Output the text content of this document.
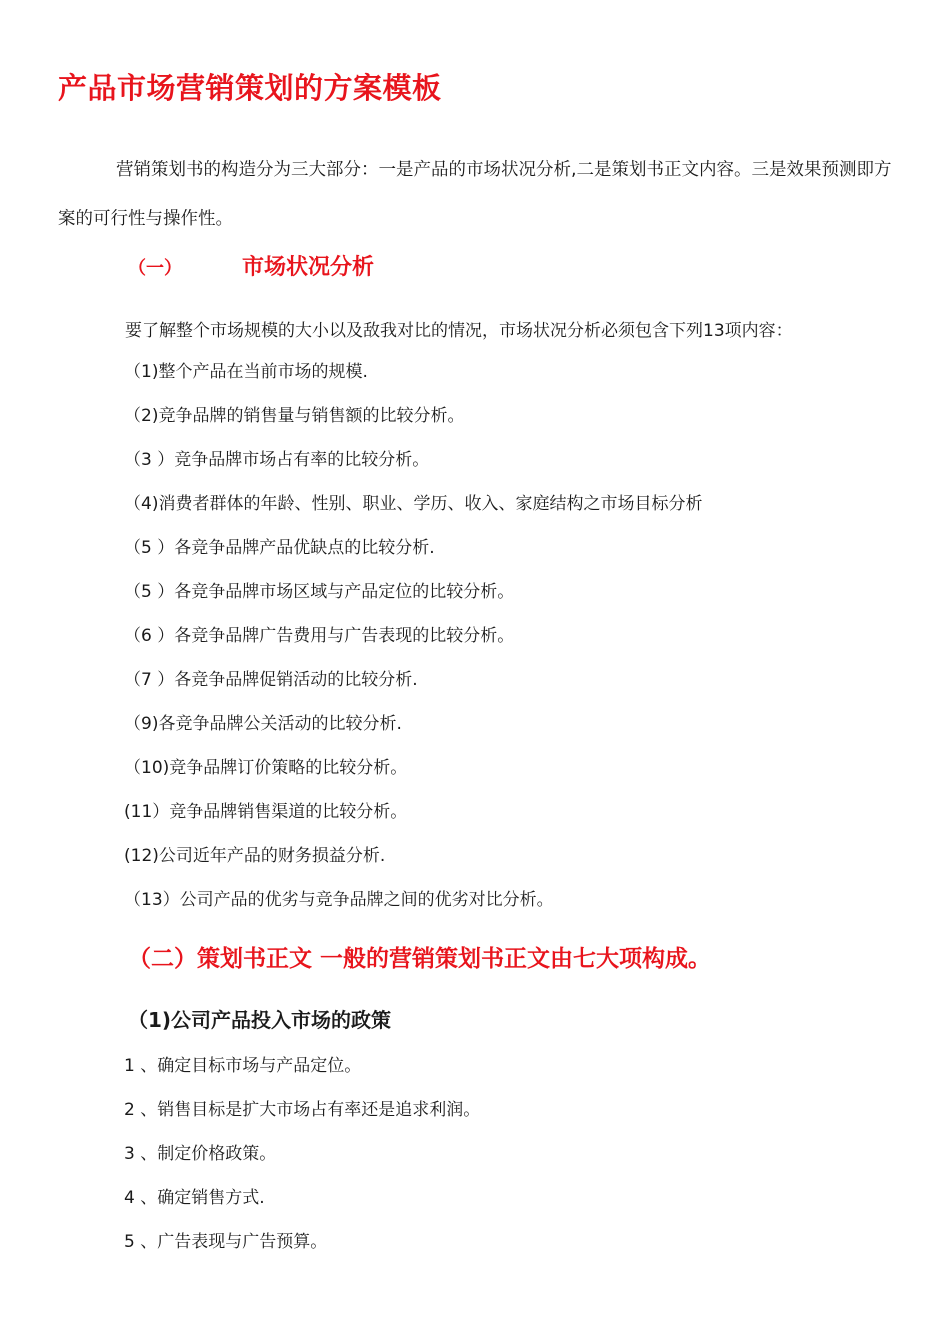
产品市场营销策划的方案模板

营销策划书的构造分为三大部分：一是产品的市场状况分析,二是策划书正文内容。三是效果预测即方案的可行性与操作性。

（一）	市场状况分析
要了解整个市场规模的大小以及敌我对比的情况，市场状况分析必须包含下列13项内容：
（1)整个产品在当前市场的规模.
（2)竞争品牌的销售量与销售额的比较分析。
（3 ）竞争品牌市场占有率的比较分析。
（4)消费者群体的年龄、性别、职业、学历、收入、家庭结构之市场目标分析
（5 ）各竞争品牌产品优缺点的比较分析.
（5 ）各竞争品牌市场区域与产品定位的比较分析。
（6 ）各竞争品牌广告费用与广告表现的比较分析。
（7 ）各竞争品牌促销活动的比较分析.
（9)各竞争品牌公关活动的比较分析.
（10)竞争品牌订价策略的比较分析。
(11）竞争品牌销售渠道的比较分析。
(12)公司近年产品的财务损益分析.
（13）公司产品的优劣与竞争品牌之间的优劣对比分析。
（二）策划书正文 一般的营销策划书正文由七大项构成。
（1)公司产品投入市场的政策
1 、确定目标市场与产品定位。
2 、销售目标是扩大市场占有率还是追求利润。
3 、制定价格政策。
4 、确定销售方式.
5 、广告表现与广告预算。
